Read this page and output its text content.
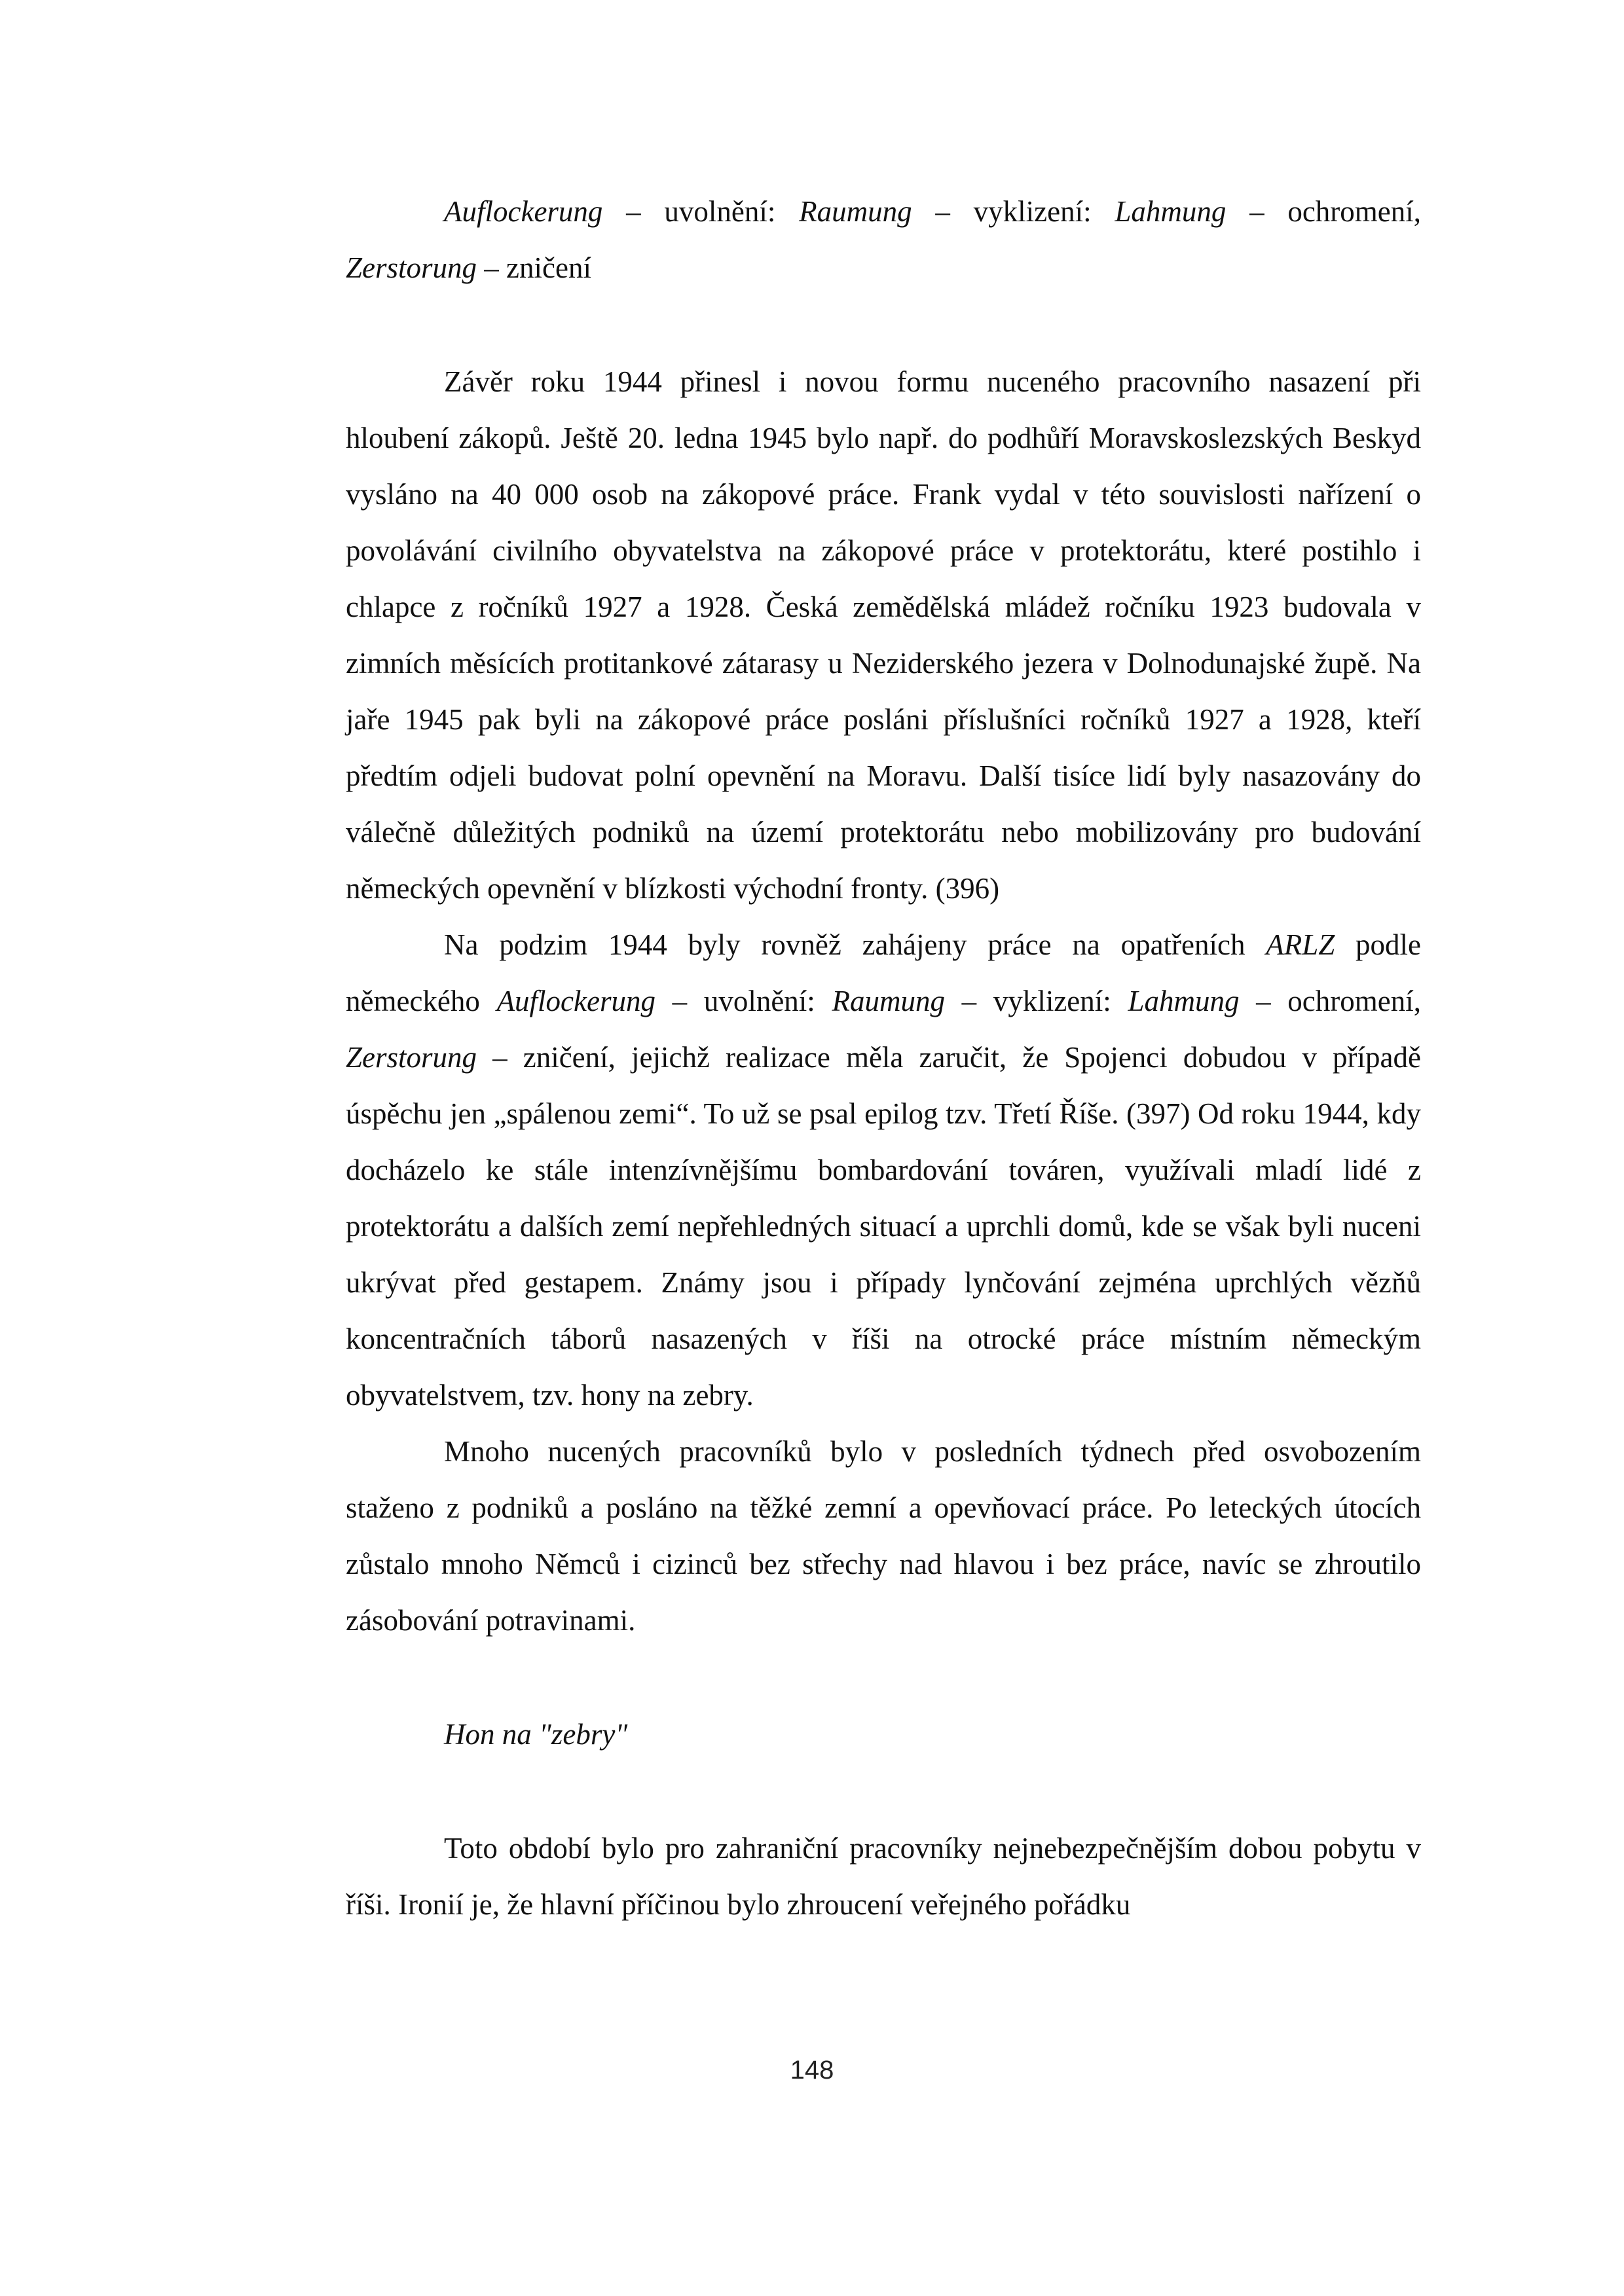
Auflockerung – uvolnění: Raumung – vyklizení: Lahmung – ochromení, Zerstorung – zničení

Závěr roku 1944 přinesl i novou formu nuceného pracovního nasazení při hloubení zákopů. Ještě 20. ledna 1945 bylo např. do podhůří Moravskoslezských Beskyd vysláno na 40 000 osob na zákopové práce. Frank vydal v této souvislosti nařízení o povolávání civilního obyvatelstva na zákopové práce v protektorátu, které postihlo i chlapce z ročníků 1927 a 1928. Česká zemědělská mládež ročníku 1923 budovala v zimních měsících protitankové zátarasy u Neziderského jezera v Dolnodunajské župě. Na jaře 1945 pak byli na zákopové práce posláni příslušníci ročníků 1927 a 1928, kteří předtím odjeli budovat polní opevnění na Moravu. Další tisíce lidí byly nasazovány do válečně důležitých podniků na území protektorátu nebo mobilizovány pro budování německých opevnění v blízkosti východní fronty. (396)

Na podzim 1944 byly rovněž zahájeny práce na opatřeních ARLZ podle německého Auflockerung – uvolnění: Raumung – vyklizení: Lahmung – ochromení, Zerstorung – zničení, jejichž realizace měla zaručit, že Spojenci dobudou v případě úspěchu jen „spálenou zemi“. To už se psal epilog tzv. Třetí Říše. (397) Od roku 1944, kdy docházelo ke stále intenzívnějšímu bombardování továren, využívali mladí lidé z protektorátu a dalších zemí nepřehledných situací a uprchli domů, kde se však byli nuceni ukrývat před gestapem. Známy jsou i případy lynčování zejména uprchlých vězňů koncentračních táborů nasazených v říši na otrocké práce místním německým obyvatelstvem, tzv. hony na zebry.

Mnoho nucených pracovníků bylo v posledních týdnech před osvobozením staženo z podniků a posláno na těžké zemní a opevňovací práce. Po leteckých útocích zůstalo mnoho Němců i cizinců bez střechy nad hlavou i bez práce, navíc se zhroutilo zásobování potravinami.

Hon na "zebry"

Toto období bylo pro zahraniční pracovníky nejnebezpečnějším dobou pobytu v říši. Ironií je, že hlavní příčinou bylo zhroucení veřejného pořádku

148
